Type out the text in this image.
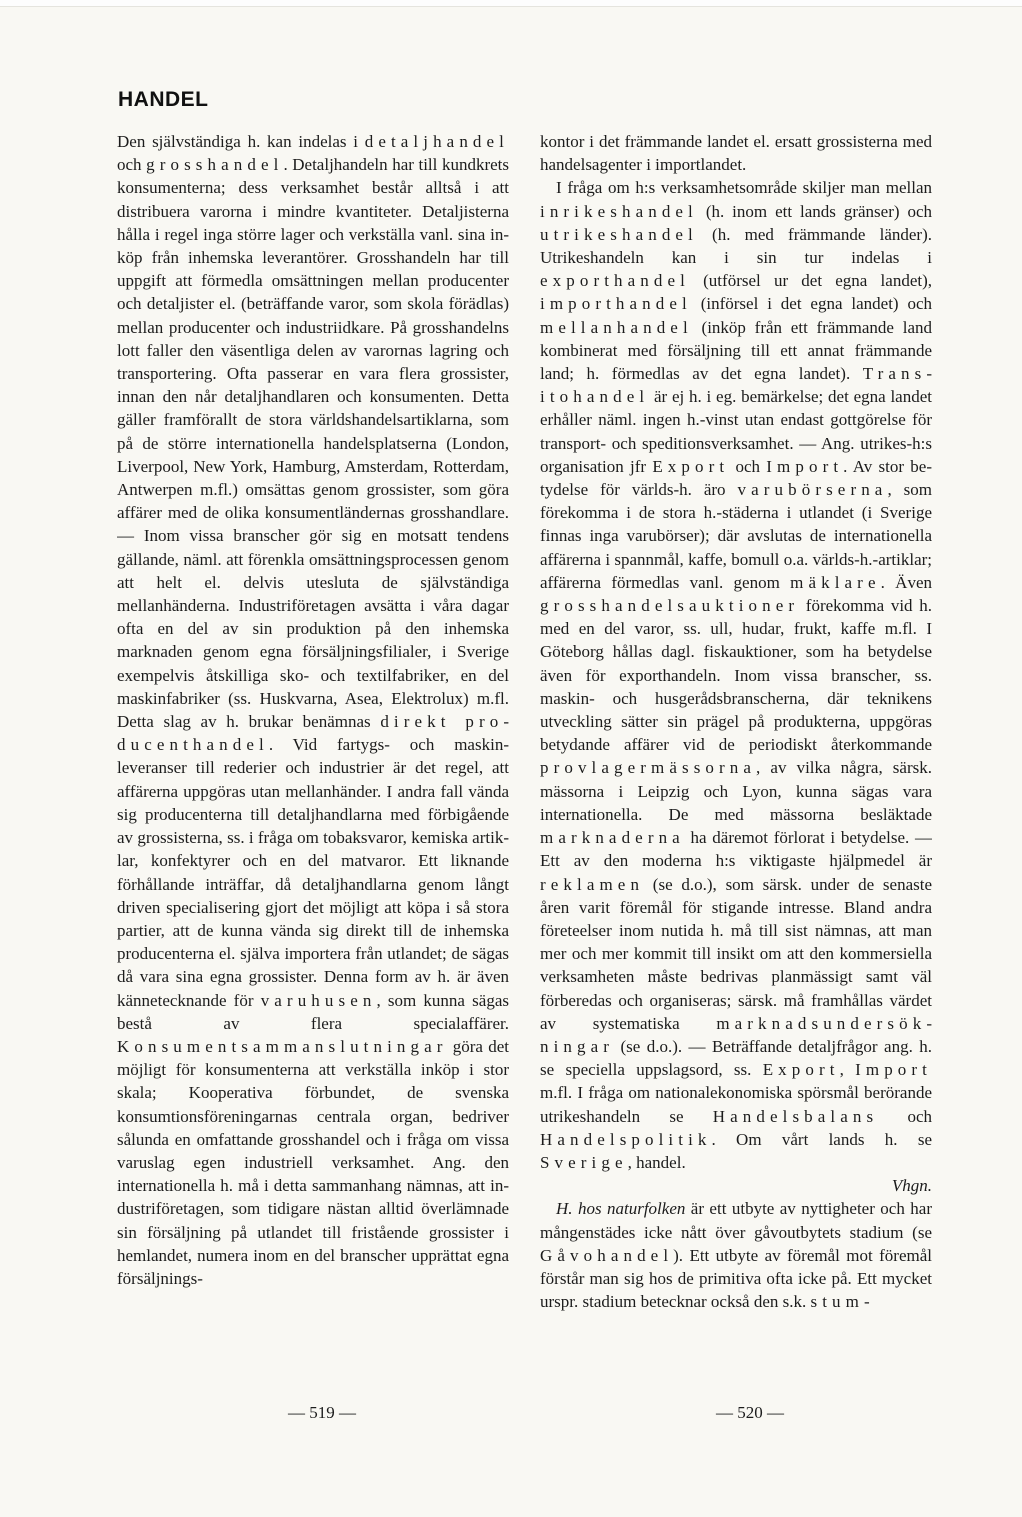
HANDEL

Den självständiga h. kan indelas i detaljhandel och grosshandel. Detaljhandeln har till kundkrets konsumenterna; dess verksamhet består alltså i att distribuera varorna i mindre kvantiteter. Detaljisterna hålla i regel inga större lager och verkställa vanl. sina inköp från inhemska leverantörer. Grosshandeln har till uppgift att förmedla omsättningen mellan producenter och detaljister el. (beträffande varor, som skola förädlas) mellan producenter och industriidkare. På grosshandelns lott faller den väsentliga delen av varornas lagring och transportering. Ofta passerar en vara flera grossister, innan den når detaljhandlaren och konsumenten. Detta gäller framförallt de stora världshandelsartiklarna, som på de större internationella handelsplatserna (London, Liverpool, New York, Hamburg, Amsterdam, Rotterdam, Antwerpen m.fl.) omsättas genom grossister, som göra affärer med de olika konsumentländernas grosshandlare. — Inom vissa branscher gör sig en motsatt tendens gällande, näml. att förenkla omsättningsprocessen genom att helt el. delvis utesluta de självständiga mellanhänderna. Industriföretagen avsätta i våra dagar ofta en del av sin produktion på den inhemska marknaden genom egna försäljningsfilialer, i Sverige exempelvis åtskilliga sko- och textilfabriker, en del maskinfabriker (ss. Huskvarna, Asea, Elektrolux) m.fl. Detta slag av h. brukar benämnas direkt producenthandel. Vid fartygs- och maskinleveranser till rederier och industrier är det regel, att affärerna uppgöras utan mellanhänder. I andra fall vända sig producenterna till detaljhandlarna med förbigående av grossisterna, ss. i fråga om tobaksvaror, kemiska artiklar, konfektyrer och en del matvaror. Ett liknande förhållande inträffar, då detaljhandlarna genom långt driven specialisering gjort det möjligt att köpa i så stora partier, att de kunna vända sig direkt till de inhemska producenterna el. själva importera från utlandet; de sägas då vara sina egna grossister. Denna form av h. är även kännetecknande för varuhusen, som kunna sägas bestå av flera specialaffärer. Konsumentsammanslutningar göra det möjligt för konsumenterna att verkställa inköp i stor skala; Kooperativa förbundet, de svenska konsumtionsföreningarnas centrala organ, bedriver sålunda en omfattande grosshandel och i fråga om vissa varuslag egen industriell verksamhet. Ang. den internationella h. må i detta sammanhang nämnas, att industriföretagen, som tidigare nästan alltid överlämnade sin försäljning på utlandet till fristående grossister i hemlandet, numera inom en del branscher upprättat egna försäljnings-

kontor i det främmande landet el. ersatt grossisterna med handelsagenter i importlandet.

I fråga om h:s verksamhetsområde skiljer man mellan inrikeshandel (h. inom ett lands gränser) och utrikeshandel (h. med främmande länder). Utrikeshandeln kan i sin tur indelas i exporthandel (utförsel ur det egna landet), importhandel (införsel i det egna landet) och mellanhandel (inköp från ett främmande land kombinerat med försäljning till ett annat främmande land; h. förmedlas av det egna landet). Transitohandel är ej h. i eg. bemärkelse; det egna landet erhåller näml. ingen h.-vinst utan endast gottgörelse för transport- och speditionsverksamhet. — Ang. utrikes-h:s organisation jfr Export och Import. Av stor betydelse för världs-h. äro varubörserna, som förekomma i de stora h.-städerna i utlandet (i Sverige finnas inga varubörser); där avslutas de internationella affärerna i spannmål, kaffe, bomull o.a. världs-h.-artiklar; affärerna förmedlas vanl. genom mäklare. Även grosshandelsauktioner förekomma vid h. med en del varor, ss. ull, hudar, frukt, kaffe m.fl. I Göteborg hållas dagl. fiskauktioner, som ha betydelse även för exporthandeln. Inom vissa branscher, ss. maskin- och husgerådsbranscherna, där teknikens utveckling sätter sin prägel på produkterna, uppgöras betydande affärer vid de periodiskt återkommande provlagermässorna, av vilka några, särsk. mässorna i Leipzig och Lyon, kunna sägas vara internationella. De med mässorna besläktade marknaderna ha däremot förlorat i betydelse. — Ett av den moderna h:s viktigaste hjälpmedel är reklamen (se d.o.), som särsk. under de senaste åren varit föremål för stigande intresse. Bland andra företeelser inom nutida h. må till sist nämnas, att man mer och mer kommit till insikt om att den kommersiella verksamheten måste bedrivas planmässigt samt väl förberedas och organiseras; särsk. må framhållas värdet av systematiska marknadsundersökningar (se d.o.). — Beträffande detaljfrågor ang. h. se speciella uppslagsord, ss. Export, Import m.fl. I fråga om nationalekonomiska spörsmål berörande utrikeshandeln se Handelsbalans och Handelspolitik. Om vårt lands h. se Sverige, handel.

Vhgn.

H. hos naturfolken är ett utbyte av nyttigheter och har mångenstädes icke nått över gåvoutbytets stadium (se Gåvohandel). Ett utbyte av föremål mot föremål förstår man sig hos de primitiva ofta icke på. Ett mycket urspr. stadium betecknar också den s.k. stum-

— 519 —	— 520 —
